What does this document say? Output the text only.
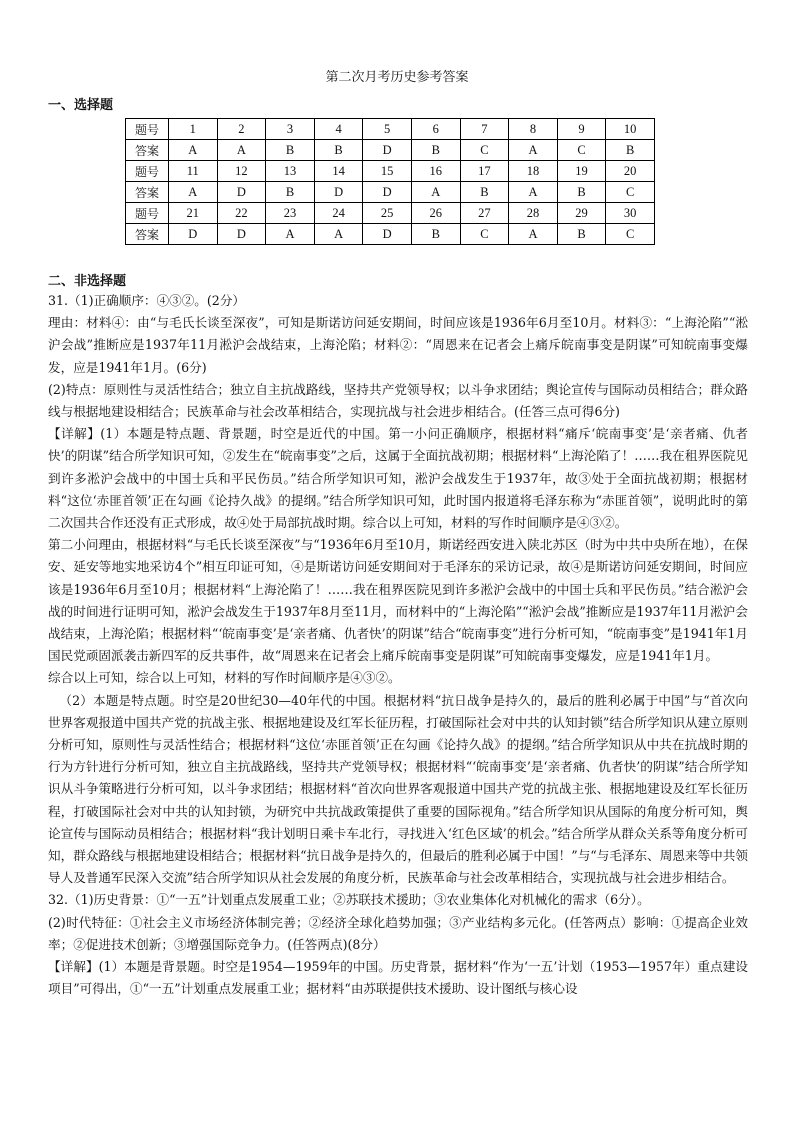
第二次月考历史参考答案
一、选择题
题号	1	2	3	4	5	6	7	8	9	10
答案	A	A	B	B	D	B	C	A	C	B
题号	11	12	13	14	15	16	17	18	19	20
答案	A	D	B	D	D	A	B	A	B	C
题号	21	22	23	24	25	26	27	28	29	30
答案	D	D	A	A	D	B	C	A	B	C
二、非选择题

31.（1)正确顺序：④③②。(2分）

理由：材料④：由“与毛氏长谈至深夜”，可知是斯诺访问延安期间，时间应该是1936年6月至10月。材料③：“上海沦陷”“淞沪会战”推断应是1937年11月淞沪会战结束，上海沦陷；材料②：“周恩来在记者会上痛斥皖南事变是阴谋”可知皖南事变爆发，应是1941年1月。(6分)

(2)特点：原则性与灵活性结合；独立自主抗战路线，坚持共产党领导权；以斗争求团结；舆论宣传与国际动员相结合；群众路线与根据地建设相结合；民族革命与社会改革相结合，实现抗战与社会进步相结合。(任答三点可得6分)

【详解】(1）本题是特点题、背景题，时空是近代的中国。第一小问正确顺序，根据材料“痛斥‘皖南事变’是‘亲者痛、仇者快’的阴谋”结合所学知识可知，②发生在“皖南事变”之后，这属于全面抗战初期；根据材料“上海沦陷了！……我在租界医院见到许多淞沪会战中的中国士兵和平民伤员。”结合所学知识可知，淞沪会战发生于1937年，故③处于全面抗战初期；根据材料“这位‘赤匪首领’正在勾画《论持久战》的提纲。”结合所学知识可知，此时国内报道将毛泽东称为“赤匪首领”，说明此时的第二次国共合作还没有正式形成，故④处于局部抗战时期。综合以上可知，材料的写作时间顺序是④③②。

第二小问理由，根据材料“与毛氏长谈至深夜”与“1936年6月至10月，斯诺经西安进入陕北苏区（时为中共中央所在地），在保安、延安等地实地采访4个”相互印证可知，④是斯诺访问延安期间对于毛泽东的采访记录，故④是斯诺访问延安期间，时间应该是1936年6月至10月；根据材料“上海沦陷了！……我在租界医院见到许多淞沪会战中的中国士兵和平民伤员。”结合淞沪会战的时间进行证明可知，淞沪会战发生于1937年8月至11月，而材料中的“上海沦陷”“淞沪会战”推断应是1937年11月淞沪会战结束，上海沦陷；根据材料“‘皖南事变’是‘亲者痛、仇者快’的阴谋”结合“皖南事变”进行分析可知，“皖南事变”是1941年1月国民党顽固派袭击新四军的反共事件，故“周恩来在记者会上痛斥皖南事变是阴谋”可知皖南事变爆发，应是1941年1月。

综合以上可知，综合以上可知，材料的写作时间顺序是④③②。

（2）本题是特点题。时空是20世纪30—40年代的中国。根据材料“抗日战争是持久的，最后的胜利必属于中国”与“首次向世界客观报道中国共产党的抗战主张、根据地建设及红军长征历程，打破国际社会对中共的认知封锁”结合所学知识从建立原则分析可知，原则性与灵活性结合；根据材料“这位‘赤匪首领’正在勾画《论持久战》的提纲。”结合所学知识从中共在抗战时期的行为方针进行分析可知，独立自主抗战路线，坚持共产党领导权；根据材料“‘皖南事变’是‘亲者痛、仇者快’的阴谋”结合所学知识从斗争策略进行分析可知，以斗争求团结；根据材料“首次向世界客观报道中国共产党的抗战主张、根据地建设及红军长征历程，打破国际社会对中共的认知封锁，为研究中共抗战政策提供了重要的国际视角。”结合所学知识从国际的角度分析可知，舆论宣传与国际动员相结合；根据材料“我计划明日乘卡车北行，寻找进入‘红色区域’的机会。”结合所学从群众关系等角度分析可知，群众路线与根据地建设相结合；根据材料“抗日战争是持久的，但最后的胜利必属于中国！”与“与毛泽东、周恩来等中共领导人及普通军民深入交流”结合所学知识从社会发展的角度分析，民族革命与社会改革相结合，实现抗战与社会进步相结合。

32.（1)历史背景：①“一五”计划重点发展重工业；②苏联技术援助；③农业集体化对机械化的需求（6分）。

(2)时代特征：①社会主义市场经济体制完善；②经济全球化趋势加强；③产业结构多元化。(任答两点）影响：①提高企业效率；②促进技术创新；③增强国际竞争力。(任答两点)(8分）

【详解】(1）本题是背景题。时空是1954—1959年的中国。历史背景，据材料“作为‘一五’计划（1953—1957年）重点建设项目”可得出，①“一五”计划重点发展重工业；据材料“由苏联提供技术援助、设计图纸与核心设
